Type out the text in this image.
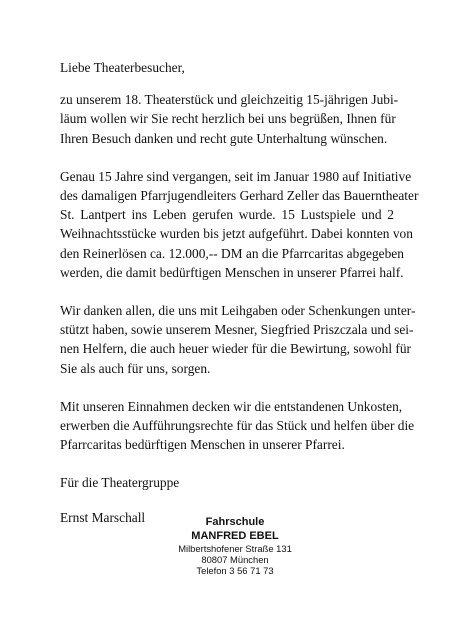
Liebe Theaterbesucher,

zu unserem 18. Theaterstück und gleichzeitig 15-jährigen Jubi-
läum wollen wir Sie recht herzlich bei uns begrüßen, Ihnen für
Ihren Besuch danken und recht gute Unterhaltung wünschen.

Genau 15 Jahre sind vergangen, seit im Januar 1980 auf Initiative
des damaligen Pfarrjugendleiters Gerhard Zeller das Bauerntheater
St. Lantpert ins Leben gerufen wurde. 15 Lustspiele und 2
Weihnachtsstücke wurden bis jetzt aufgeführt. Dabei konnten von
den Reinerlösen ca. 12.000,-- DM an die Pfarrcaritas abgegeben
werden, die damit bedürftigen Menschen in unserer Pfarrei half.

Wir danken allen, die uns mit Leihgaben oder Schenkungen unter-
stützt haben, sowie unserem Mesner, Siegfried Priszczala und sei-
nen Helfern, die auch heuer wieder für die Bewirtung, sowohl für
Sie als auch für uns, sorgen.

Mit unseren Einnahmen decken wir die entstandenen Unkosten,
erwerben die Aufführungsrechte für das Stück und helfen über die
Pfarrcaritas bedürftigen Menschen in unserer Pfarrei.

Für die Theatergruppe

Ernst Marschall	Fahrschule
MANFRED EBEL
Milbertshofener Straße 131
80807 München
Telefon 3 56 71 73
